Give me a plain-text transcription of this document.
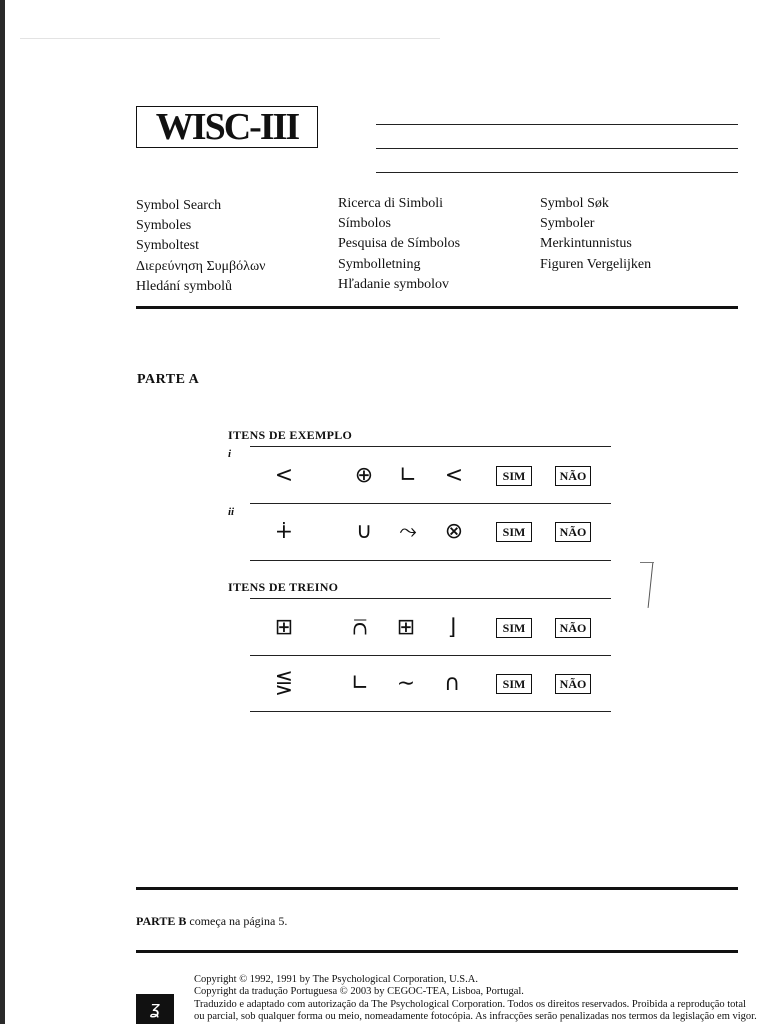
WISC-III
Symbol Search
Symboles
Symboltest
Διερεύνηση Συμβόλων
Hledání symbolů
Ricerca di Simboli
Símbolos
Pesquisa de Símbolos
Symbolletning
Hľadanie symbolov
Symbol Søk
Symboler
Merkintunnistus
Figuren Vergelijken
PARTE A
ITENS DE EXEMPLO
i
<	⊕	∟	<	SIM	NÃO
ii
∔	∪	⤳	⊗	SIM	NÃO
ITENS DE TREINO
⊞	⩃	⊞	⌋	SIM	NÃO
⋚	∟	∼	∩	SIM	NÃO
PARTE B começa na página 5.
Copyright © 1992, 1991 by The Psychological Corporation, U.S.A.
Copyright da tradução Portuguesa © 2003 by CEGOC-TEA, Lisboa, Portugal.
Traduzido e adaptado com autorização da The Psychological Corporation. Todos os direitos reservados. Proibida a reprodução total
ou parcial, sob qualquer forma ou meio, nomeadamente fotocópia. As infracções serão penalizadas nos termos da legislação em vigor.
ʓ
